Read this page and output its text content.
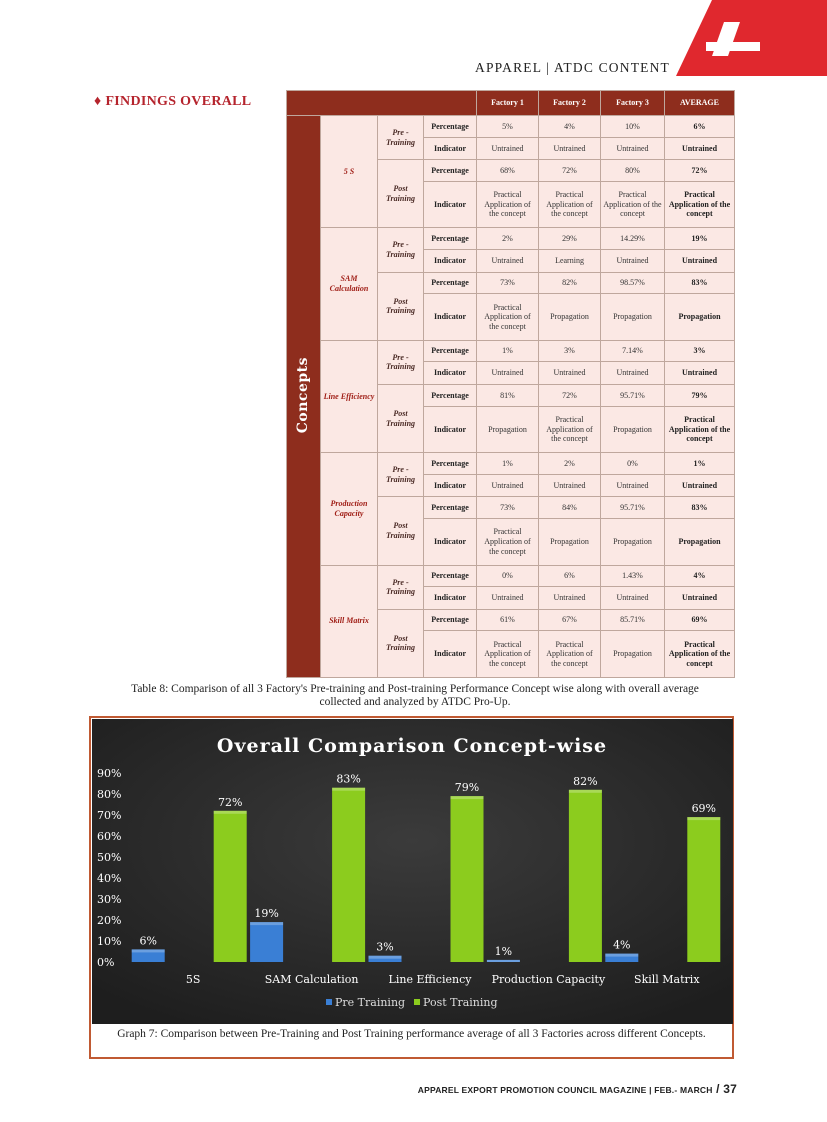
APPAREL | ATDC CONTENT
♦ FINDINGS OVERALL
				Factory 1	Factory 2	Factory 3	AVERAGE
Concepts	5 S	Pre - Training	Percentage	5%	4%	10%	6%
			Indicator	Untrained	Untrained	Untrained	Untrained
		Post Training	Percentage	68%	72%	80%	72%
			Indicator	Practical Application of the concept	Practical Application of the concept	Practical Application of the concept	Practical Application of the concept
	SAM Calculation	Pre - Training	Percentage	2%	29%	14.29%	19%
			Indicator	Untrained	Learning	Untrained	Untrained
		Post Training	Percentage	73%	82%	98.57%	83%
			Indicator	Practical Application of the concept	Propagation	Propagation	Propagation
	Line Efficiency	Pre - Training	Percentage	1%	3%	7.14%	3%
			Indicator	Untrained	Untrained	Untrained	Untrained
		Post Training	Percentage	81%	72%	95.71%	79%
			Indicator	Propagation	Practical Application of the concept	Propagation	Practical Application of the concept
	Production Capacity	Pre - Training	Percentage	1%	2%	0%	1%
			Indicator	Untrained	Untrained	Untrained	Untrained
		Post Training	Percentage	73%	84%	95.71%	83%
			Indicator	Practical Application of the concept	Propagation	Propagation	Propagation
	Skill Matrix	Pre - Training	Percentage	0%	6%	1.43%	4%
			Indicator	Untrained	Untrained	Untrained	Untrained
		Post Training	Percentage	61%	67%	85.71%	69%
			Indicator	Practical Application of the concept	Practical Application of the concept	Propagation	Practical Application of the concept
Table 8: Comparison of all 3 Factory's Pre-training and Post-training Performance Concept wise along with overall average collected and analyzed by ATDC Pro-Up.
Overall Comparison Concept-wise
0%
10%
20%
30%
40%
50%
60%
70%
80%
90%
5S
6%
72%
SAM Calculation
19%
83%
Line Efficiency
3%
79%
Production Capacity
1%
82%
Skill Matrix
4%
69%
Pre Training Post Training
Graph 7: Comparison between Pre-Training and Post Training performance average of all 3 Factories across different Concepts.
APPAREL EXPORT PROMOTION COUNCIL MAGAZINE | FEB.- MARCH / 37
